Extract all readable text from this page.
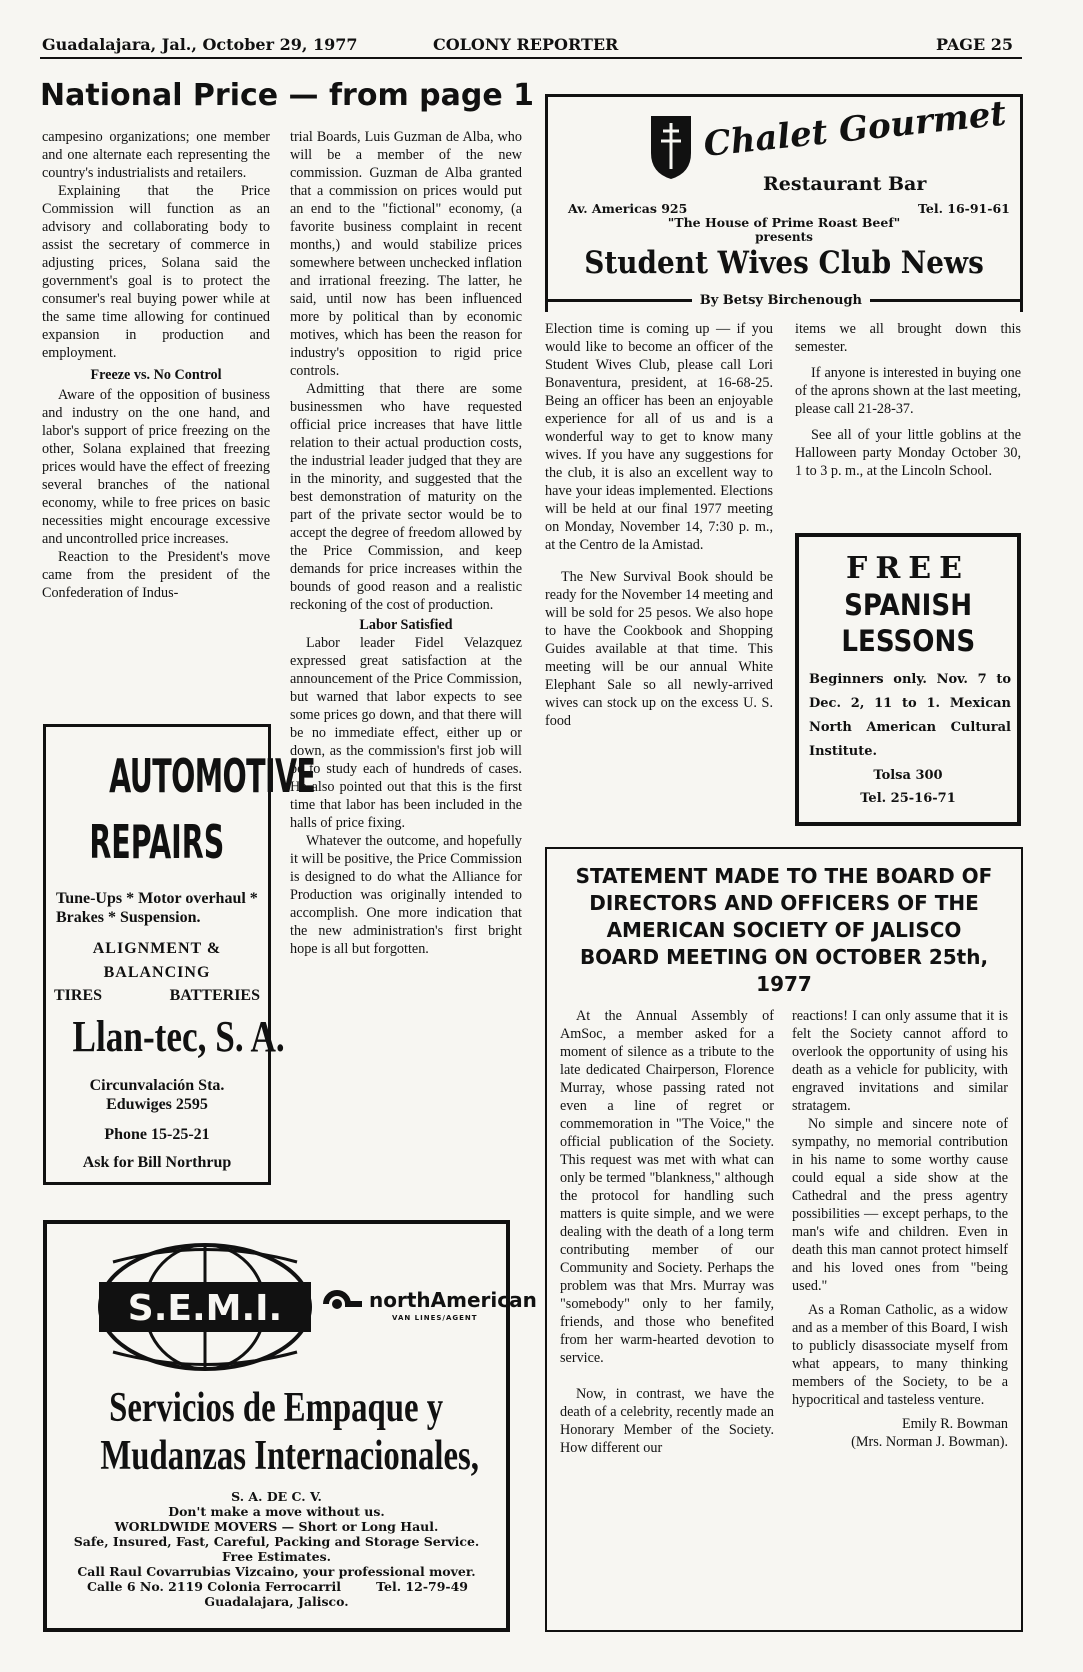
Guadalajara, Jal., October 29, 1977	COLONY REPORTER	PAGE 25
National Price — from page 1

campesino organizations; one member and one alternate each representing the country's industrialists and retailers.

Explaining that the Price Commission will function as an advisory and collaborating body to assist the secretary of commerce in adjusting prices, Solana said the government's goal is to protect the consumer's real buying power while at the same time allowing for continued expansion in production and employment.

Freeze vs. No Control

Aware of the opposition of business and industry on the one hand, and labor's support of price freezing on the other, Solana explained that freezing prices would have the effect of freezing several branches of the national economy, while to free prices on basic necessities might encourage excessive and uncontrolled price increases.

Reaction to the President's move came from the president of the Confederation of Indus-

trial Boards, Luis Guzman de Alba, who will be a member of the new commission. Guzman de Alba granted that a commission on prices would put an end to the "fictional" economy, (a favorite business complaint in recent months,) and would stabilize prices somewhere between unchecked inflation and irrational freezing. The latter, he said, until now has been influenced more by political than by economic motives, which has been the reason for industry's opposition to rigid price controls.

Admitting that there are some businessmen who have requested official price increases that have little relation to their actual production costs, the industrial leader judged that they are in the minority, and suggested that the best demonstration of maturity on the part of the private sector would be to accept the degree of freedom allowed by the Price Commission, and keep demands for price increases within the bounds of good reason and a realistic reckoning of the cost of production.

Labor Satisfied

Labor leader Fidel Velazquez expressed great satisfaction at the announcement of the Price Commission, but warned that labor expects to see some prices go down, and that there will be no immediate effect, either up or down, as the commission's first job will be to study each of hundreds of cases. He also pointed out that this is the first time that labor has been included in the halls of price fixing.

Whatever the outcome, and hopefully it will be positive, the Price Commission is designed to do what the Alliance for Production was originally intended to accomplish. One more indication that the new administration's first bright hope is all but forgotten.

AUTOMOTIVE
REPAIRS
Tune-Ups * Motor overhaul * Brakes * Suspension.
ALIGNMENT & BALANCING
TIRES	BATTERIES
Llan-tec, S. A.
Circunvalación Sta.
Eduwiges 2595
Phone 15-25-21
Ask for Bill Northrup
S.E.M.I.	northAmerican
VAN LINES/AGENT
Servicios de Empaque y
Mudanzas Internacionales,
S. A. DE C. V.
Don't make a move without us.
WORLDWIDE MOVERS — Short or Long Haul.
Safe, Insured, Fast, Careful, Packing and Storage Service.
Free Estimates.
Call Raul Covarrubias Vizcaino, your professional mover.
Calle 6 No. 2119 Colonia Ferrocarril	Tel. 12-79-49
Guadalajara, Jalisco.
Chalet Gourmet
Restaurant Bar
Av. Americas 925	Tel. 16-91-61
"The House of Prime Roast Beef"
presents
Student Wives Club News
By Betsy Birchenough

Election time is coming up — if you would like to become an officer of the Student Wives Club, please call Lori Bonaventura, president, at 16-68-25. Being an officer has been an enjoyable experience for all of us and is a wonderful way to get to know many wives. If you have any suggestions for the club, it is also an excellent way to have your ideas implemented. Elections will be held at our final 1977 meeting on Monday, November 14, 7:30 p. m., at the Centro de la Amistad.

The New Survival Book should be ready for the November 14 meeting and will be sold for 25 pesos. We also hope to have the Cookbook and Shopping Guides available at that time. This meeting will be our annual White Elephant Sale so all newly-arrived wives can stock up on the excess U. S. food

items we all brought down this semester.

If anyone is interested in buying one of the aprons shown at the last meeting, please call 21-28-37.

See all of your little goblins at the Halloween party Monday October 30, 1 to 3 p. m., at the Lincoln School.

FREE
SPANISH
LESSONS
Beginners only. Nov. 7 to Dec. 2, 11 to 1. Mexican North American Cultural Institute.
Tolsa 300
Tel. 25-16-71
STATEMENT MADE TO THE BOARD OF DIRECTORS AND OFFICERS OF THE AMERICAN SOCIETY OF JALISCO BOARD MEETING ON OCTOBER 25th, 1977

At the Annual Assembly of AmSoc, a member asked for a moment of silence as a tribute to the late dedicated Chairperson, Florence Murray, whose passing rated not even a line of regret or commemoration in "The Voice," the official publication of the Society. This request was met with what can only be termed "blankness," although the protocol for handling such matters is quite simple, and we were dealing with the death of a long term contributing member of our Community and Society. Perhaps the problem was that Mrs. Murray was "somebody" only to her family, friends, and those who benefited from her warm-hearted devotion to service.

Now, in contrast, we have the death of a celebrity, recently made an Honorary Member of the Society. How different our

reactions! I can only assume that it is felt the Society cannot afford to overlook the opportunity of using his death as a vehicle for publicity, with engraved invitations and similar stratagem.

No simple and sincere note of sympathy, no memorial contribution in his name to some worthy cause could equal a side show at the Cathedral and the press agentry possibilities — except perhaps, to the man's wife and children. Even in death this man cannot protect himself and his loved ones from "being used."

As a Roman Catholic, as a widow and as a member of this Board, I wish to publicly disassociate myself from what appears, to many thinking members of the Society, to be a hypocritical and tasteless venture.

Emily R. Bowman

(Mrs. Norman J. Bowman).
